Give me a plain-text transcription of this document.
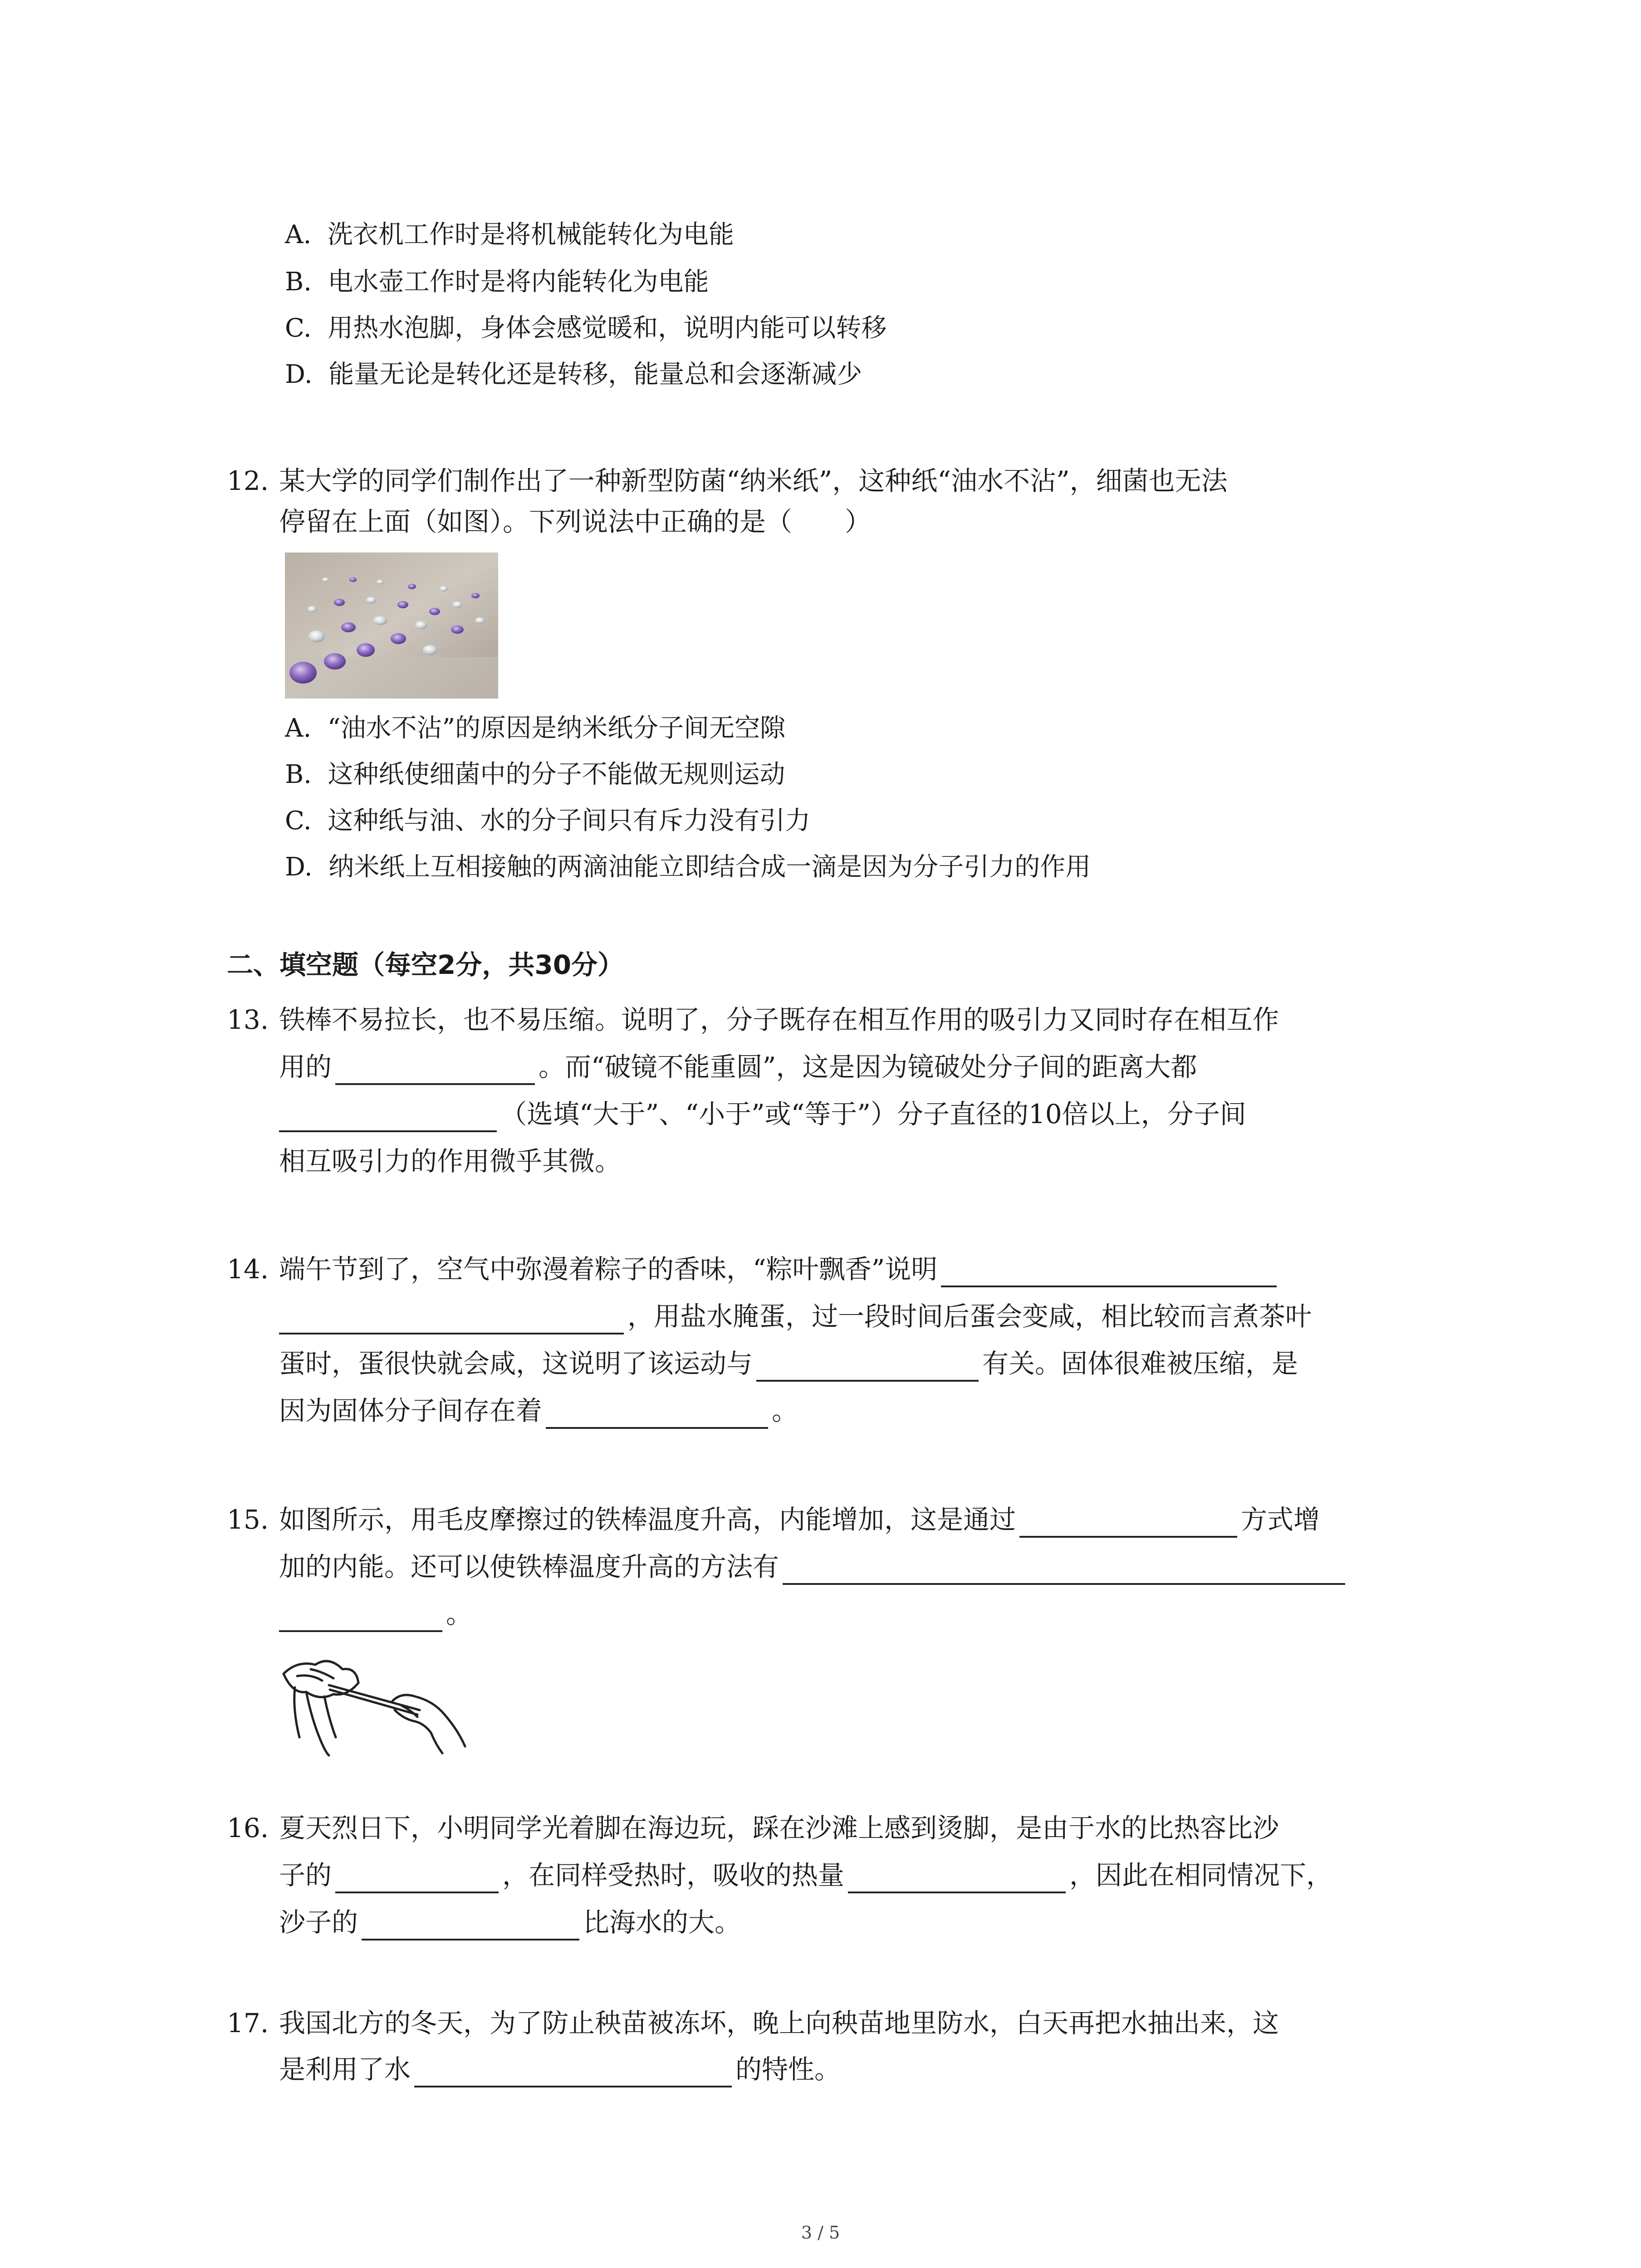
A.  洗衣机工作时是将机械能转化为电能
B.  电水壶工作时是将内能转化为电能
C.  用热水泡脚，身体会感觉暖和，说明内能可以转移
D.  能量无论是转化还是转移，能量总和会逐渐减少
12. 某大学的同学们制作出了一种新型防菌“纳米纸”，这种纸“油水不沾”，细菌也无法
停留在上面（如图）。下列说法中正确的是（　　）
A.  “油水不沾”的原因是纳米纸分子间无空隙
B.  这种纸使细菌中的分子不能做无规则运动
C.  这种纸与油、水的分子间只有斥力没有引力
D.  纳米纸上互相接触的两滴油能立即结合成一滴是因为分子引力的作用
二、填空题（每空2分，共30分）
13. 铁棒不易拉长，也不易压缩。说明了，分子既存在相互作用的吸引力又同时存在相互作
用的	。而“破镜不能重圆”，这是因为镜破处分子间的距离大都
（选填“大于”、“小于”或“等于”）分子直径的10倍以上，分子间
相互吸引力的作用微乎其微。
14. 端午节到了，空气中弥漫着粽子的香味，“粽叶飘香”说明
，用盐水腌蛋，过一段时间后蛋会变咸，相比较而言煮茶叶
蛋时，蛋很快就会咸，这说明了该运动与	有关。固体很难被压缩，是
因为固体分子间存在着	。
15. 如图所示，用毛皮摩擦过的铁棒温度升高，内能增加，这是通过	方式增
加的内能。还可以使铁棒温度升高的方法有
。
16. 夏天烈日下，小明同学光着脚在海边玩，踩在沙滩上感到烫脚，是由于水的比热容比沙
子的	，在同样受热时，吸收的热量	，因此在相同情况下，
沙子的	比海水的大。
17. 我国北方的冬天，为了防止秧苗被冻坏，晚上向秧苗地里防水，白天再把水抽出来，这
是利用了水	的特性。
3 / 5
